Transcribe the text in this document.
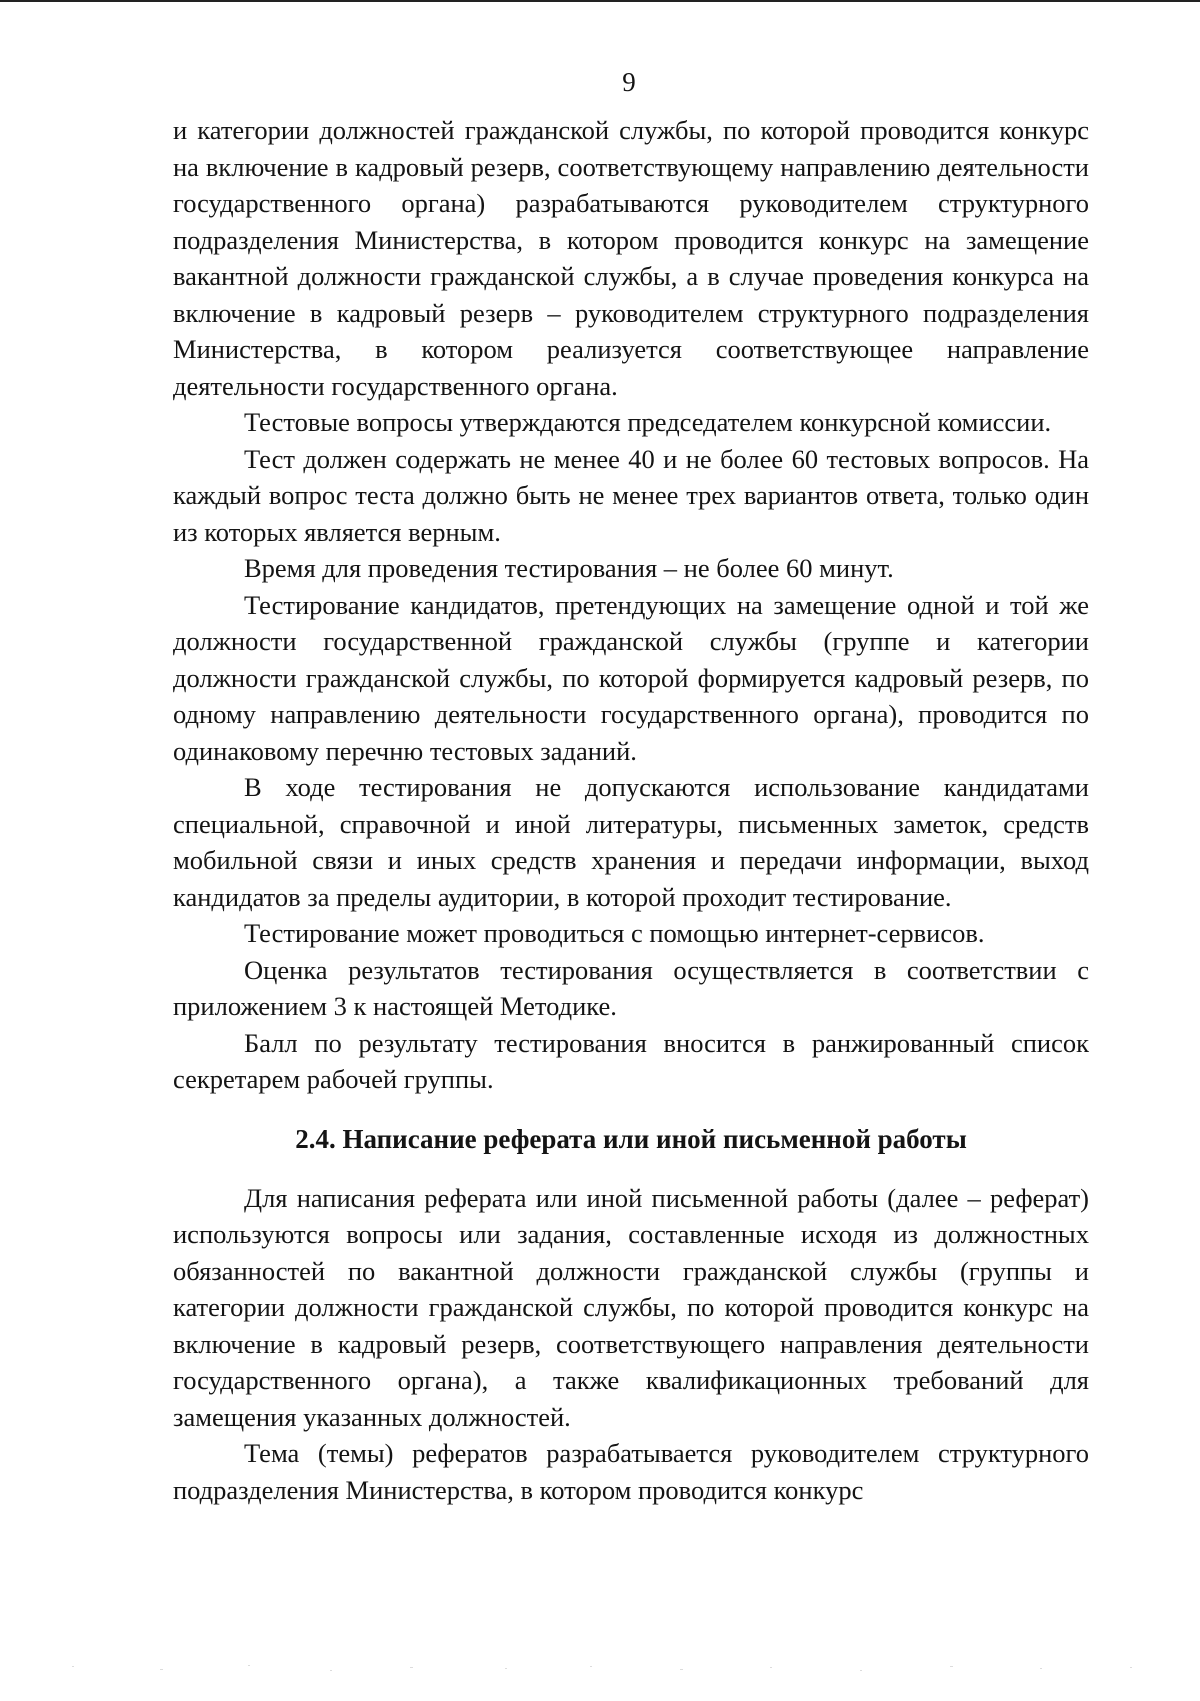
9

и категории должностей гражданской службы, по которой проводится конкурс на включение в кадровый резерв, соответствующему направлению деятельности государственного органа) разрабатываются руководителем структурного подразделения Министерства, в котором проводится конкурс на замещение вакантной должности гражданской службы, а в случае проведения конкурса на включение в кадровый резерв – руководителем структурного подразделения Министерства, в котором реализуется соответствующее направление деятельности государственного органа.

Тестовые вопросы утверждаются председателем конкурсной комиссии.

Тест должен содержать не менее 40 и не более 60 тестовых вопросов. На каждый вопрос теста должно быть не менее трех вариантов ответа, только один из которых является верным.

Время для проведения тестирования – не более 60 минут.

Тестирование кандидатов, претендующих на замещение одной и той же должности государственной гражданской службы (группе и категории должности гражданской службы, по которой формируется кадровый резерв, по одному направлению деятельности государственного органа), проводится по одинаковому перечню тестовых заданий.

В ходе тестирования не допускаются использование кандидатами специальной, справочной и иной литературы, письменных заметок, средств мобильной связи и иных средств хранения и передачи информации, выход кандидатов за пределы аудитории, в которой проходит тестирование.

Тестирование может проводиться с помощью интернет-сервисов.

Оценка результатов тестирования осуществляется в соответствии с приложением 3 к настоящей Методике.

Балл по результату тестирования вносится в ранжированный список секретарем рабочей группы.

2.4. Написание реферата или иной письменной работы

Для написания реферата или иной письменной работы (далее – реферат) используются вопросы или задания, составленные исходя из должностных обязанностей по вакантной должности гражданской службы (группы и категории должности гражданской службы, по которой проводится конкурс на включение в кадровый резерв, соответствующего направления деятельности государственного органа), а также квалификационных требований для замещения указанных должностей.

Тема (темы) рефератов разрабатывается руководителем структурного подразделения Министерства, в котором проводится конкурс
